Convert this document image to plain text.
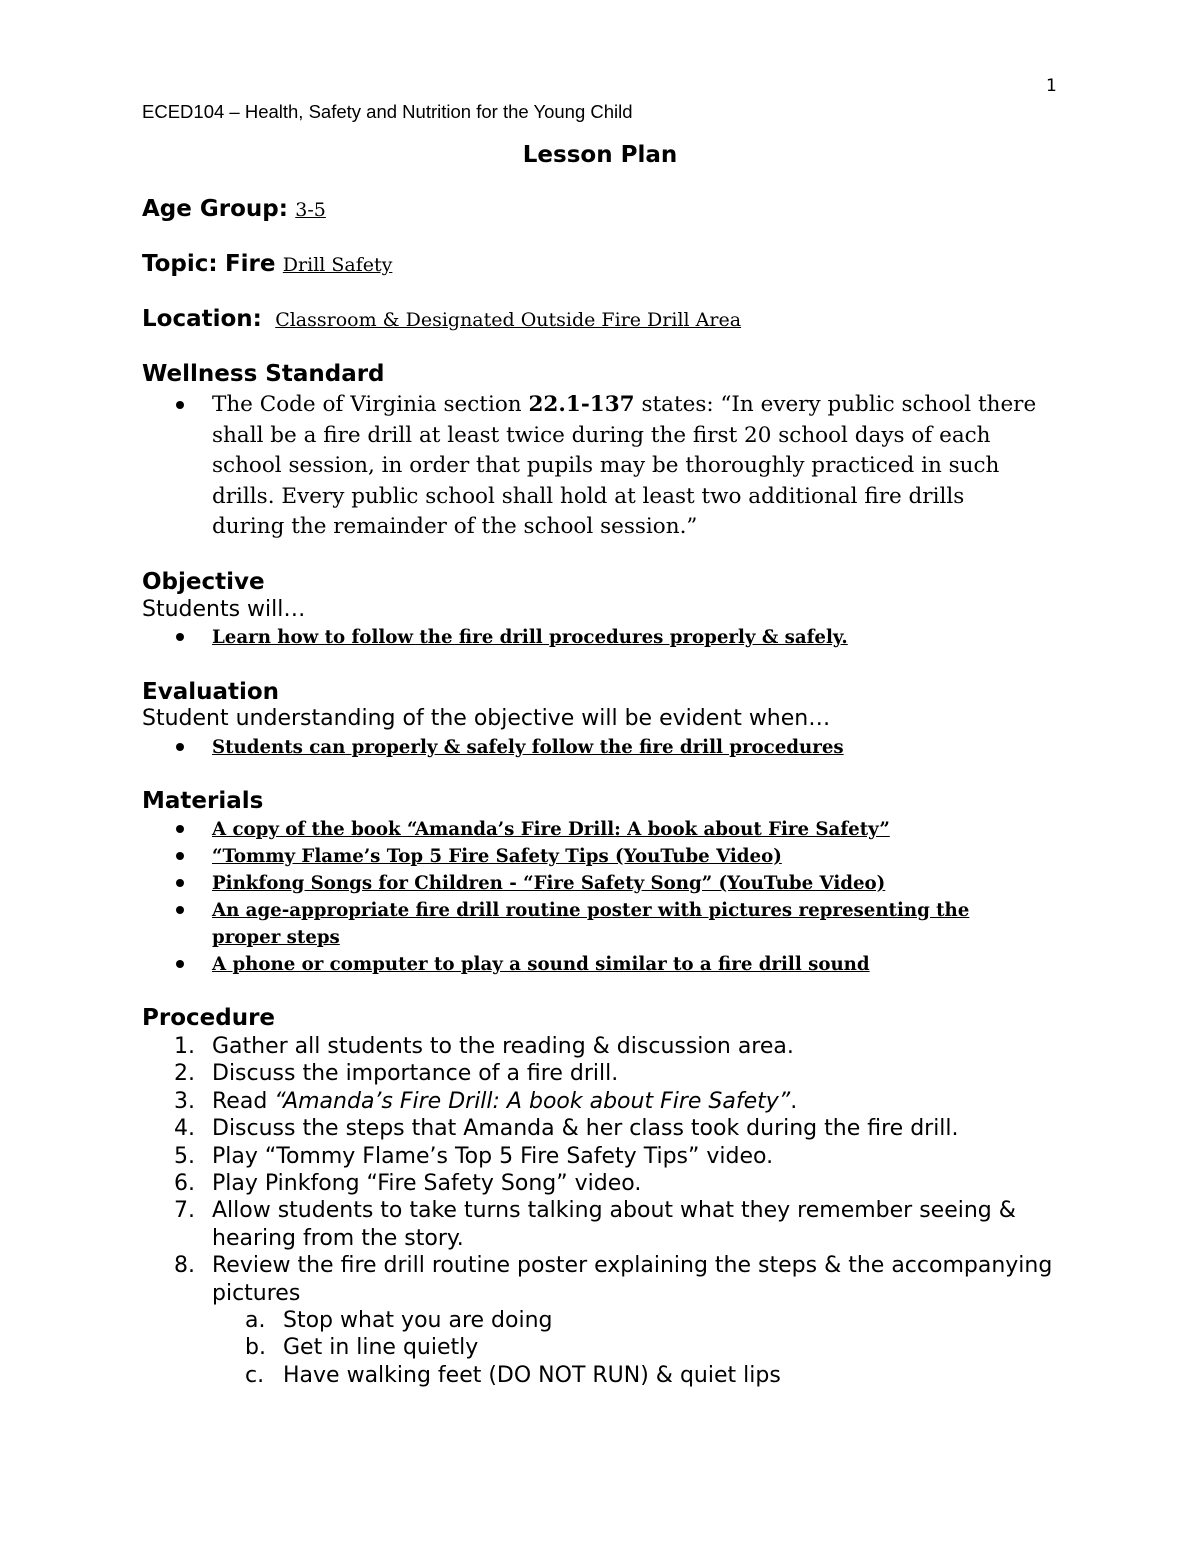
1
ECED104 – Health, Safety and Nutrition for the Young Child
Lesson Plan
Age Group: 3-5
Topic: Fire Drill Safety
Location: Classroom & Designated Outside Fire Drill Area
Wellness Standard
The Code of Virginia section 22.1-137 states: “In every public school there shall be a fire drill at least twice during the first 20 school days of each school session, in order that pupils may be thoroughly practiced in such drills. Every public school shall hold at least two additional fire drills during the remainder of the school session.”
Objective
Students will…
Learn how to follow the fire drill procedures properly & safely.
Evaluation
Student understanding of the objective will be evident when…
Students can properly & safely follow the fire drill procedures
Materials
A copy of the book “Amanda’s Fire Drill: A book about Fire Safety”
“Tommy Flame’s Top 5 Fire Safety Tips (YouTube Video)
Pinkfong Songs for Children - “Fire Safety Song” (YouTube Video)
An age-appropriate fire drill routine poster with pictures representing the proper steps
A phone or computer to play a sound similar to a fire drill sound
Procedure
1. Gather all students to the reading & discussion area.
2. Discuss the importance of a fire drill.
3. Read “Amanda’s Fire Drill: A book about Fire Safety”.
4. Discuss the steps that Amanda & her class took during the fire drill.
5. Play “Tommy Flame’s Top 5 Fire Safety Tips” video.
6. Play Pinkfong “Fire Safety Song” video.
7. Allow students to take turns talking about what they remember seeing & hearing from the story.
8. Review the fire drill routine poster explaining the steps & the accompanying pictures
a. Stop what you are doing
b. Get in line quietly
c. Have walking feet (DO NOT RUN) & quiet lips
